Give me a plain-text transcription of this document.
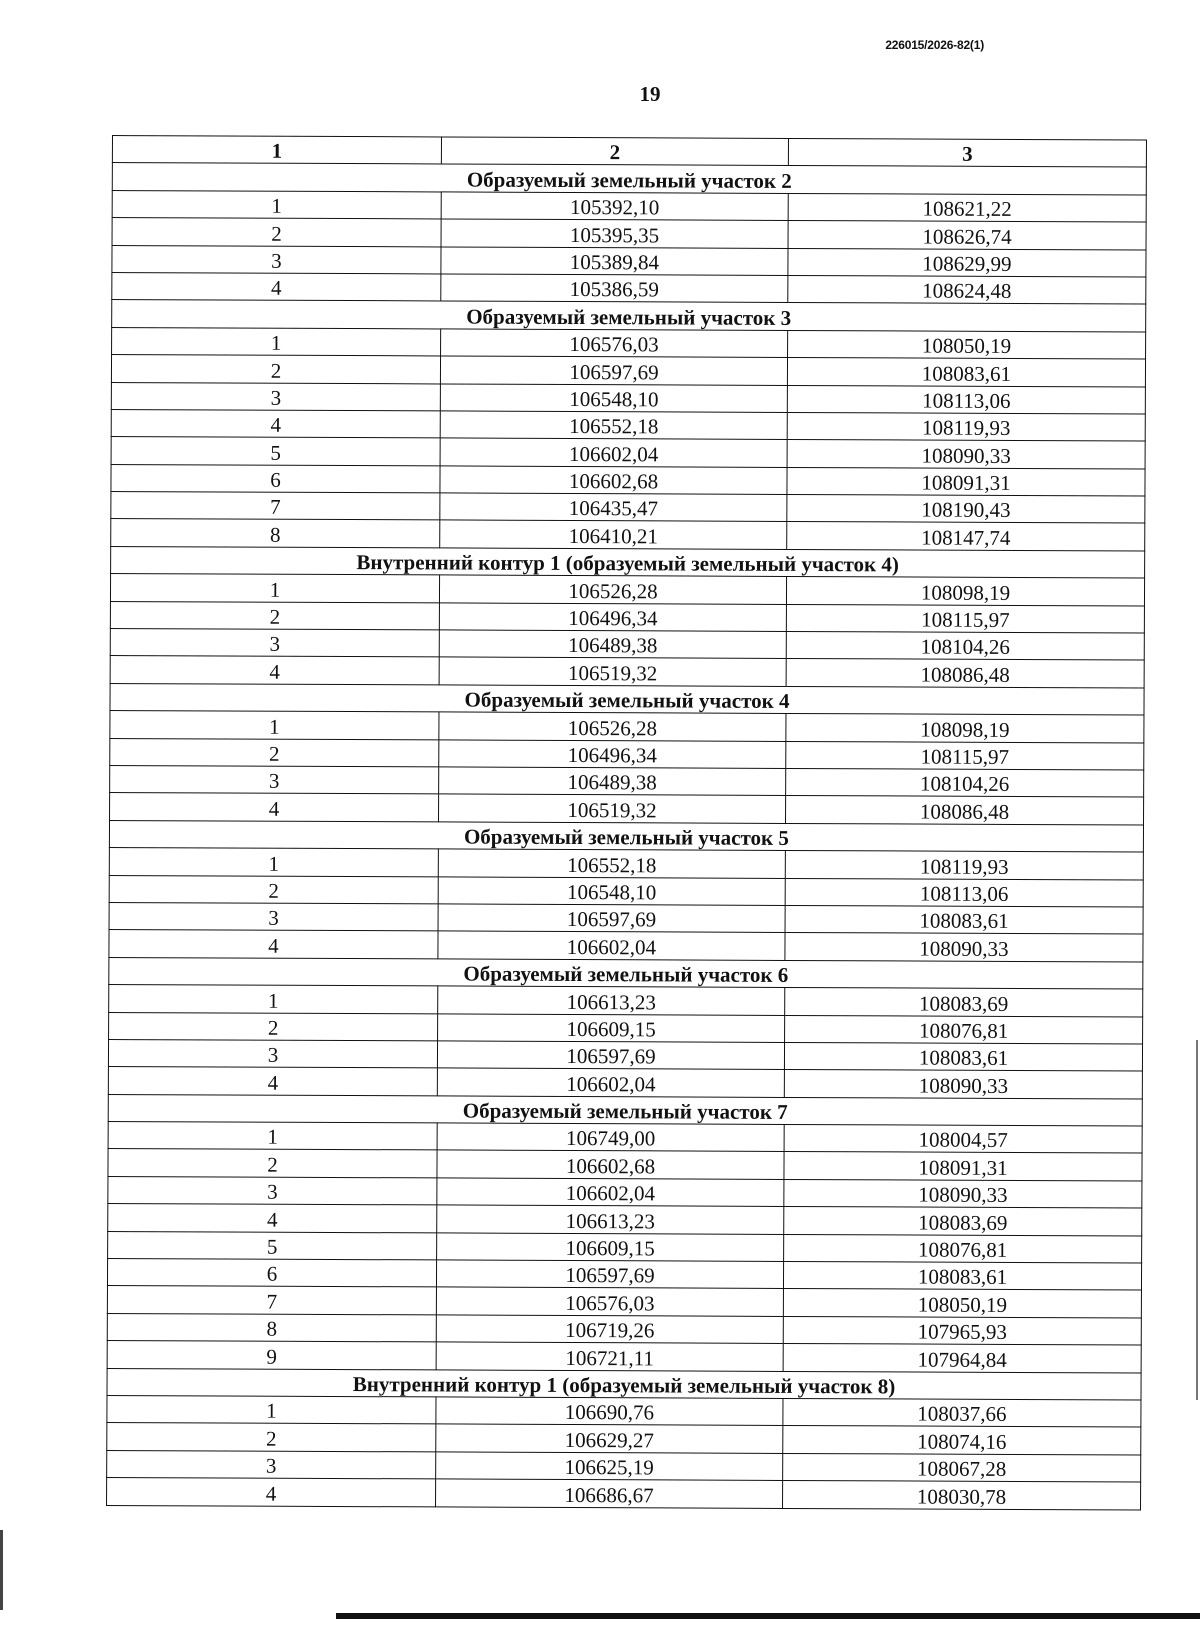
226015/2026-82(1)
19
1	2	3
Образуемый земельный участок 2		
1	105392,10	108621,22
2	105395,35	108626,74
3	105389,84	108629,99
4	105386,59	108624,48
Образуемый земельный участок 3		
1	106576,03	108050,19
2	106597,69	108083,61
3	106548,10	108113,06
4	106552,18	108119,93
5	106602,04	108090,33
6	106602,68	108091,31
7	106435,47	108190,43
8	106410,21	108147,74
Внутренний контур 1 (образуемый земельный участок 4)		
1	106526,28	108098,19
2	106496,34	108115,97
3	106489,38	108104,26
4	106519,32	108086,48
Образуемый земельный участок 4		
1	106526,28	108098,19
2	106496,34	108115,97
3	106489,38	108104,26
4	106519,32	108086,48
Образуемый земельный участок 5		
1	106552,18	108119,93
2	106548,10	108113,06
3	106597,69	108083,61
4	106602,04	108090,33
Образуемый земельный участок 6		
1	106613,23	108083,69
2	106609,15	108076,81
3	106597,69	108083,61
4	106602,04	108090,33
Образуемый земельный участок 7		
1	106749,00	108004,57
2	106602,68	108091,31
3	106602,04	108090,33
4	106613,23	108083,69
5	106609,15	108076,81
6	106597,69	108083,61
7	106576,03	108050,19
8	106719,26	107965,93
9	106721,11	107964,84
Внутренний контур 1 (образуемый земельный участок 8)		
1	106690,76	108037,66
2	106629,27	108074,16
3	106625,19	108067,28
4	106686,67	108030,78
